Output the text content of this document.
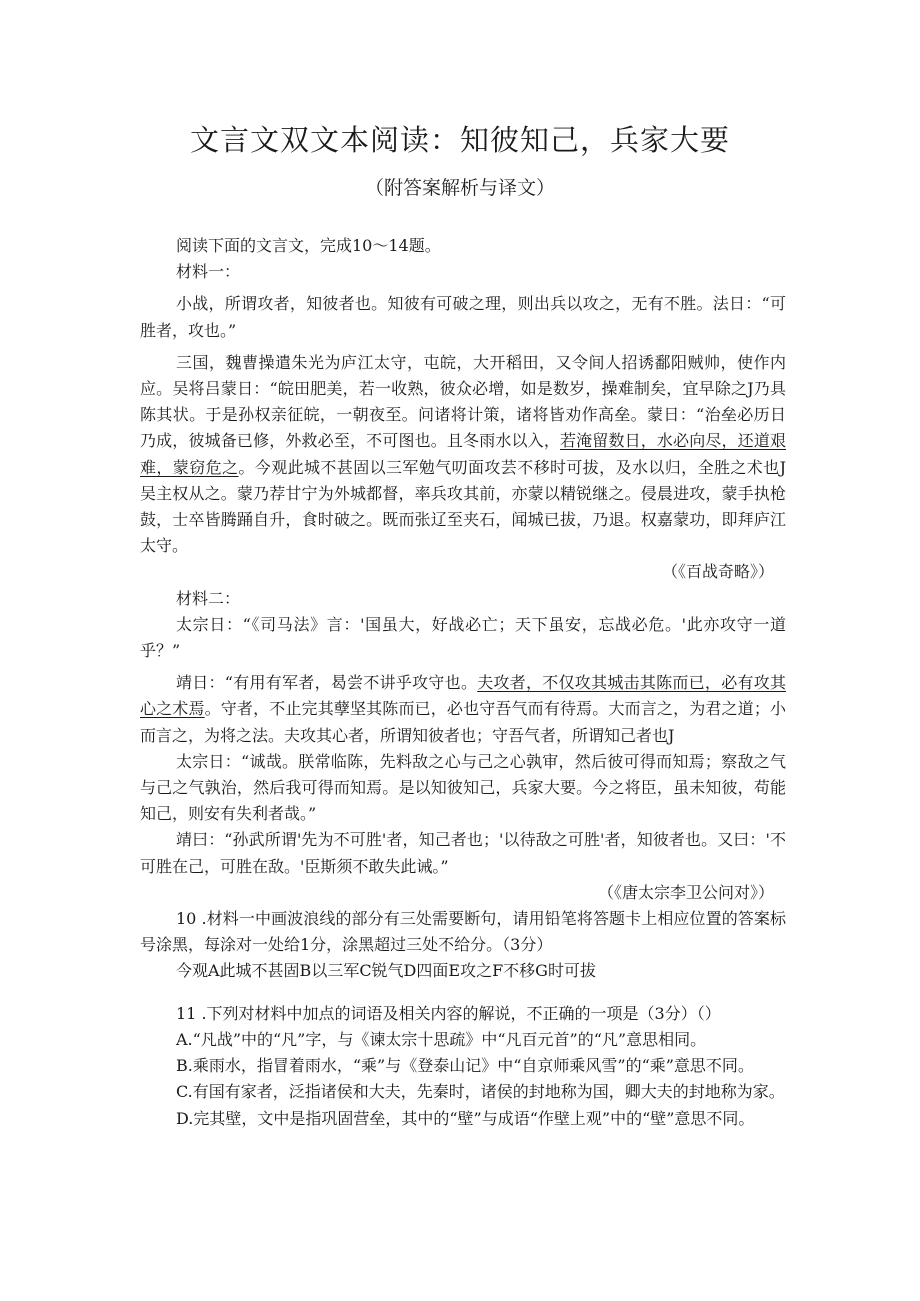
文言文双文本阅读：知彼知己，兵家大要
（附答案解析与译文）

阅读下面的文言文，完成10～14题。

材料一：

小战，所谓攻者，知彼者也。知彼有可破之理，则出兵以攻之，无有不胜。法日：“可胜者，攻也。”

三国，魏曹操遣朱光为庐江太守，屯皖，大开稻田，又令间人招诱鄱阳贼帅，使作内应。吴将吕蒙日：“皖田肥美，若一收熟，彼众必增，如是数岁，操难制矣，宜早除之J乃具陈其状。于是孙权亲征皖，一朝夜至。问诸将计策，诸将皆劝作高垒。蒙日：“治垒必历日乃成，彼城备已修，外救必至，不可图也。且冬雨水以入，若淹留数日，水必向尽，还道艰难，蒙窃危之。今观此城不甚固以三军勉气叨面攻芸不移时可拔，及水以归，全胜之术也J吴主权从之。蒙乃荐甘宁为外城都督，率兵攻其前，亦蒙以精锐继之。侵晨进攻，蒙手执枪鼓，士卒皆腾踊自升，食时破之。既而张辽至夹石，闻城已拔，乃退。权嘉蒙功，即拜庐江太守。

（《百战奇略》）

材料二：

太宗日：“《司马法》言：'国虽大，好战必亡；天下虽安，忘战必危。'此亦攻守一道乎？”

靖日：“有用有军者，曷尝不讲乎攻守也。夫攻者，不仅攻其城击其陈而已，必有攻其心之术焉。守者，不止完其孽坚其陈而已，必也守吾气而有待焉。大而言之，为君之道；小而言之，为将之法。夫攻其心者，所谓知彼者也；守吾气者，所谓知己者也J

太宗日：“诚哉。朕常临陈，先料敌之心与己之心孰审，然后彼可得而知焉；察敌之气与己之气孰治，然后我可得而知焉。是以知彼知己，兵家大要。今之将臣，虽未知彼，苟能知己，则安有失利者哉。”

靖曰：“孙武所谓'先为不可胜'者，知己者也；'以待敌之可胜'者，知彼者也。又曰：'不可胜在己，可胜在敌。'臣斯须不敢失此诫。”

（《唐太宗李卫公问对》）

10 .材料一中画波浪线的部分有三处需要断句，请用铅笔将答题卡上相应位置的答案标号涂黑，每涂对一处给1分，涂黑超过三处不给分。（3分）

今观A此城不甚固B以三军C锐气D四面E攻之F不移G时可拔

11 .下列对材料中加点的词语及相关内容的解说，不正确的一项是（3分）（）

A.“凡战”中的“凡”字，与《谏太宗十思疏》中“凡百元首”的“凡”意思相同。

B.乘雨水，指冒着雨水，“乘”与《登泰山记》中“自京师乘风雪”的“乘”意思不同。

C.有国有家者，泛指诸侯和大夫，先秦时，诸侯的封地称为国，卿大夫的封地称为家。

D.完其壁，文中是指巩固营垒，其中的“壁”与成语“作壁上观”中的“壁”意思不同。
